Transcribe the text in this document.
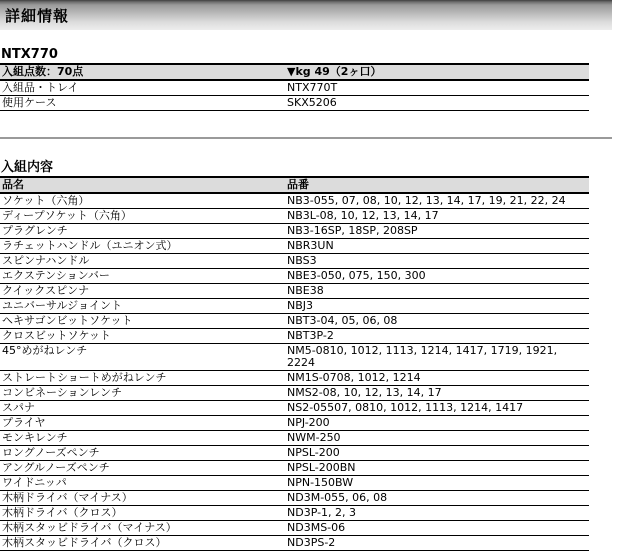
詳細情報
NTX770
入組点数：70点	▼kg 49（2ヶ口）
入組品・トレイ	NTX770T
使用ケース	SKX5206
入組内容
品名	品番
ソケット（六角）	NB3-055, 07, 08, 10, 12, 13, 14, 17, 19, 21, 22, 24
ディープソケット（六角）	NB3L-08, 10, 12, 13, 14, 17
プラグレンチ	NB3-16SP, 18SP, 208SP
ラチェットハンドル（ユニオン式）	NBR3UN
スピンナハンドル	NBS3
エクステンションバー	NBE3-050, 075, 150, 300
クイックスピンナ	NBE38
ユニバーサルジョイント	NBJ3
ヘキサゴンビットソケット	NBT3-04, 05, 06, 08
クロスビットソケット	NBT3P-2
45°めがねレンチ	NM5-0810, 1012, 1113, 1214, 1417, 1719, 1921, 2224
ストレートショートめがねレンチ	NM1S-0708, 1012, 1214
コンビネーションレンチ	NMS2-08, 10, 12, 13, 14, 17
スパナ	NS2-05507, 0810, 1012, 1113, 1214, 1417
プライヤ	NPJ-200
モンキレンチ	NWM-250
ロングノーズペンチ	NPSL-200
アングルノーズペンチ	NPSL-200BN
ワイドニッパ	NPN-150BW
木柄ドライバ（マイナス）	ND3M-055, 06, 08
木柄ドライバ（クロス）	ND3P-1, 2, 3
木柄スタッビドライバ（マイナス）	ND3MS-06
木柄スタッビドライバ（クロス）	ND3PS-2
